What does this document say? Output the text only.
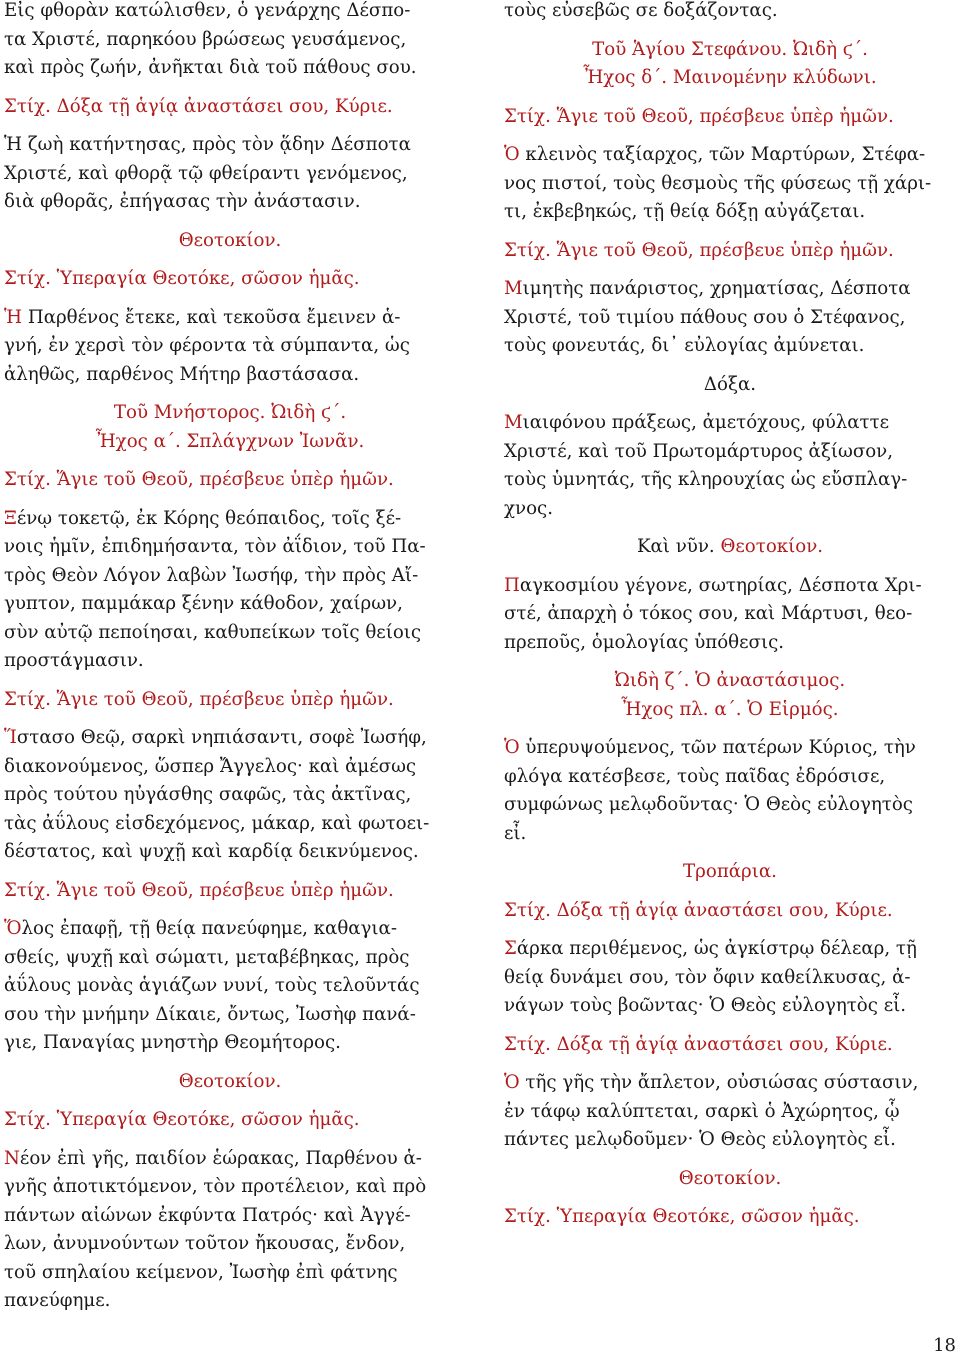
Εἰς φθορὰν κατώλισθεν, ὁ γενάρχης Δέσπο-
τα Χριστέ, παρηκόου βρώσεως γευσάμενος,
καὶ πρὸς ζωήν, ἀνῆκται διὰ τοῦ πάθους σου.

Στίχ. Δόξα τῇ ἁγίᾳ ἀναστάσει σου, Κύριε.

Ἡ ζωὴ κατήντησας, πρὸς τὸν ᾅδην Δέσποτα
Χριστέ, καὶ φθορᾷ τῷ φθείραντι γενόμενος,
διὰ φθορᾶς, ἐπήγασας τὴν ἀνάστασιν.

Θεοτοκίον.

Στίχ. Ὑπεραγία Θεοτόκε, σῶσον ἡμᾶς.

Ἡ Παρθένος ἔτεκε, καὶ τεκοῦσα ἔμεινεν ἁ-
γνή, ἐν χερσὶ τὸν φέροντα τὰ σύμπαντα, ὡς
ἀληθῶς, παρθένος Μήτηρ βαστάσασα.

Τοῦ Μνήστορος. Ὠιδὴ ϛ΄.
Ἦχος α΄. Σπλάγχνων Ἰωνᾶν.

Στίχ. Ἅγιε τοῦ Θεοῦ, πρέσβευε ὑπὲρ ἡμῶν.

Ξένῳ τοκετῷ, ἐκ Κόρης θεόπαιδος, τοῖς ξέ-
νοις ἡμῖν, ἐπιδημήσαντα, τὸν ἀΐδιον, τοῦ Πα-
τρὸς Θεὸν Λόγον λαβὼν Ἰωσήφ, τὴν πρὸς Αἴ-
γυπτον, παμμάκαρ ξένην κάθοδον, χαίρων,
σὺν αὐτῷ πεποίησαι, καθυπείκων τοῖς θείοις
προστάγμασιν.

Στίχ. Ἅγιε τοῦ Θεοῦ, πρέσβευε ὑπὲρ ἡμῶν.

Ἵστασο Θεῷ, σαρκὶ νηπιάσαντι, σοφὲ Ἰωσήφ,
διακονούμενος, ὥσπερ Ἄγγελος· καὶ ἀμέσως
πρὸς τούτου ηὐγάσθης σαφῶς, τὰς ἀκτῖνας,
τὰς ἀΰλους εἰσδεχόμενος, μάκαρ, καὶ φωτοει-
δέστατος, καὶ ψυχῇ καὶ καρδίᾳ δεικνύμενος.

Στίχ. Ἅγιε τοῦ Θεοῦ, πρέσβευε ὑπὲρ ἡμῶν.

Ὅλος ἐπαφῇ, τῇ θείᾳ πανεύφημε, καθαγια-
σθείς, ψυχῇ καὶ σώματι, μεταβέβηκας, πρὸς
ἀΰλους μονὰς ἁγιάζων νυνί, τοὺς τελοῦντάς
σου τὴν μνήμην Δίκαιε, ὄντως, Ἰωσὴφ πανά-
γιε, Παναγίας μνηστὴρ Θεομήτορος.

Θεοτοκίον.

Στίχ. Ὑπεραγία Θεοτόκε, σῶσον ἡμᾶς.

Νέον ἐπὶ γῆς, παιδίον ἑώρακας, Παρθένου ἁ-
γνῆς ἀποτικτόμενον, τὸν προτέλειον, καὶ πρὸ
πάντων αἰώνων ἐκφύντα Πατρός· καὶ Ἀγγέ-
λων, ἀνυμνούντων τοῦτον ἤκουσας, ἔνδον,
τοῦ σπηλαίου κείμενον, Ἰωσὴφ ἐπὶ φάτνης
πανεύφημε.

τοὺς εὐσεβῶς σε δοξάζοντας.

Τοῦ Ἁγίου Στεφάνου. Ὠιδὴ ϛ΄.
Ἦχος δ΄. Μαινομένην κλύδωνι.

Στίχ. Ἅγιε τοῦ Θεοῦ, πρέσβευε ὑπὲρ ἡμῶν.

Ὁ κλεινὸς ταξίαρχος, τῶν Μαρτύρων, Στέφα-
νος πιστοί, τοὺς θεσμοὺς τῆς φύσεως τῇ χάρι-
τι, ἐκβεβηκώς, τῇ θείᾳ δόξῃ αὐγάζεται.

Στίχ. Ἅγιε τοῦ Θεοῦ, πρέσβευε ὑπὲρ ἡμῶν.

Μιμητὴς πανάριστος, χρηματίσας, Δέσποτα
Χριστέ, τοῦ τιμίου πάθους σου ὁ Στέφανος,
τοὺς φονευτάς, δι᾽ εὐλογίας ἀμύνεται.

Δόξα.

Μιαιφόνου πράξεως, ἀμετόχους, φύλαττε
Χριστέ, καὶ τοῦ Πρωτομάρτυρος ἀξίωσον,
τοὺς ὑμνητάς, τῆς κληρουχίας ὡς εὔσπλαγ-
χνος.

Καὶ νῦν. Θεοτοκίον.

Παγκοσμίου γέγονε, σωτηρίας, Δέσποτα Χρι-
στέ, ἀπαρχὴ ὁ τόκος σου, καὶ Μάρτυσι, θεο-
πρεποῦς, ὁμολογίας ὑπόθεσις.

Ὠιδὴ ζ΄. Ὁ ἀναστάσιμος.
Ἦχος πλ. α΄. Ὁ Εἱρμός.

Ὁ ὑπερυψούμενος, τῶν πατέρων Κύριος, τὴν
φλόγα κατέσβεσε, τοὺς παῖδας ἐδρόσισε,
συμφώνως μελῳδοῦντας· Ὁ Θεὸς εὐλογητὸς
εἶ.

Τροπάρια.

Στίχ. Δόξα τῇ ἁγίᾳ ἀναστάσει σου, Κύριε.

Σάρκα περιθέμενος, ὡς ἀγκίστρῳ δέλεαρ, τῇ
θείᾳ δυνάμει σου, τὸν ὄφιν καθείλκυσας, ἀ-
νάγων τοὺς βοῶντας· Ὁ Θεὸς εὐλογητὸς εἶ.

Στίχ. Δόξα τῇ ἁγίᾳ ἀναστάσει σου, Κύριε.

Ὁ τῆς γῆς τὴν ἄπλετον, οὐσιώσας σύστασιν,
ἐν τάφῳ καλύπτεται, σαρκὶ ὁ Ἀχώρητος, ᾧ
πάντες μελῳδοῦμεν· Ὁ Θεὸς εὐλογητὸς εἶ.

Θεοτοκίον.

Στίχ. Ὑπεραγία Θεοτόκε, σῶσον ἡμᾶς.

18
